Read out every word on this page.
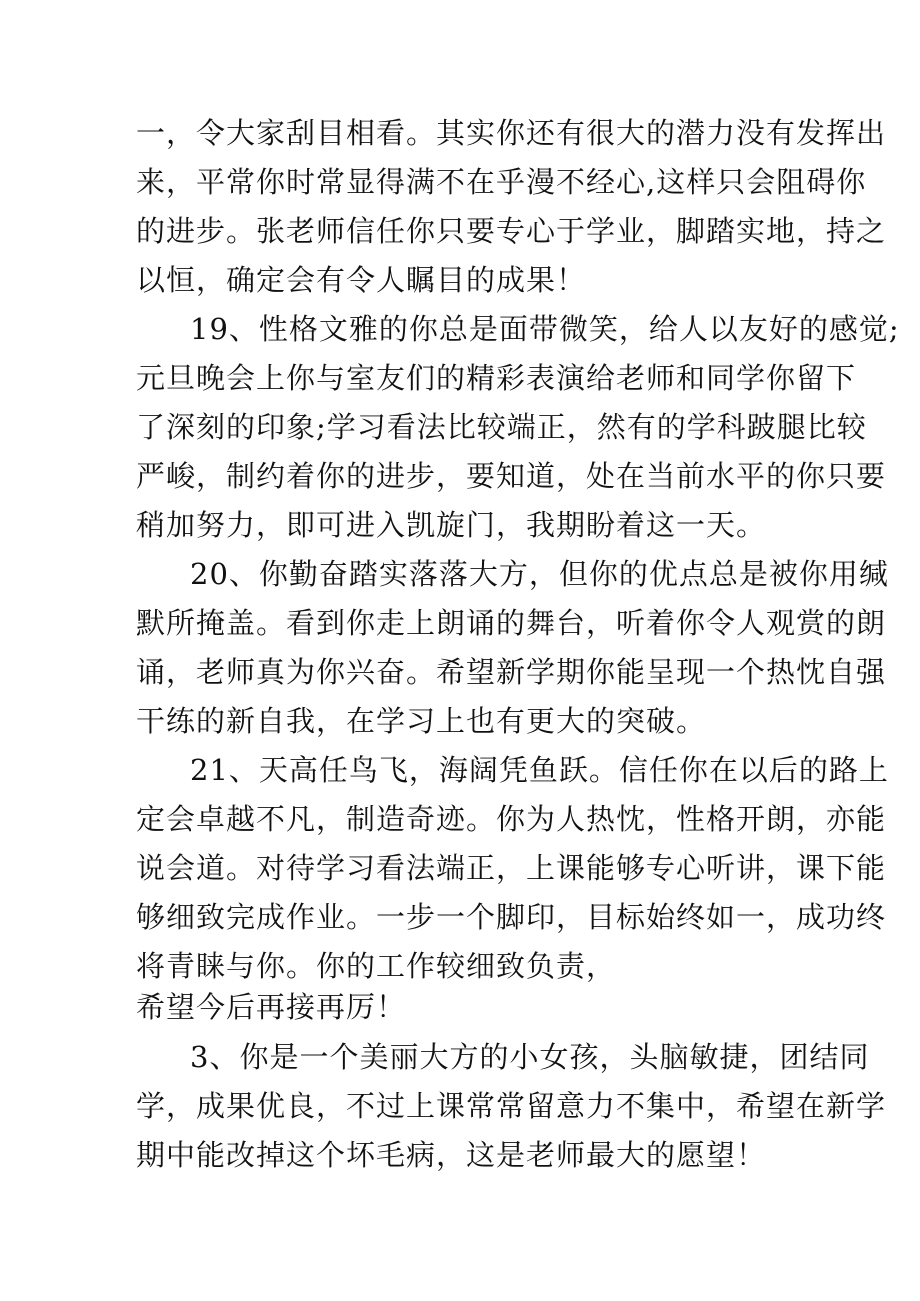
一，令大家刮目相看。其实你还有很大的潜力没有发挥出
来，平常你时常显得满不在乎漫不经心,这样只会阻碍你
的进步。张老师信任你只要专心于学业，脚踏实地，持之
以恒，确定会有令人瞩目的成果！
19、性格文雅的你总是面带微笑，给人以友好的感觉;
元旦晚会上你与室友们的精彩表演给老师和同学你留下
了深刻的印象;学习看法比较端正，然有的学科跛腿比较
严峻，制约着你的进步，要知道，处在当前水平的你只要
稍加努力，即可进入凯旋门，我期盼着这一天。
20、你勤奋踏实落落大方，但你的优点总是被你用缄
默所掩盖。看到你走上朗诵的舞台，听着你令人观赏的朗
诵，老师真为你兴奋。希望新学期你能呈现一个热忱自强
干练的新自我，在学习上也有更大的突破。
21、天高任鸟飞，海阔凭鱼跃。信任你在以后的路上
定会卓越不凡，制造奇迹。你为人热忱，性格开朗，亦能
说会道。对待学习看法端正，上课能够专心听讲，课下能
够细致完成作业。一步一个脚印，目标始终如一，成功终
将青睐与你。你的工作较细致负责，
希望今后再接再厉！
3、你是一个美丽大方的小女孩，头脑敏捷，团结同
学，成果优良，不过上课常常留意力不集中，希望在新学
期中能改掉这个坏毛病，这是老师最大的愿望！
